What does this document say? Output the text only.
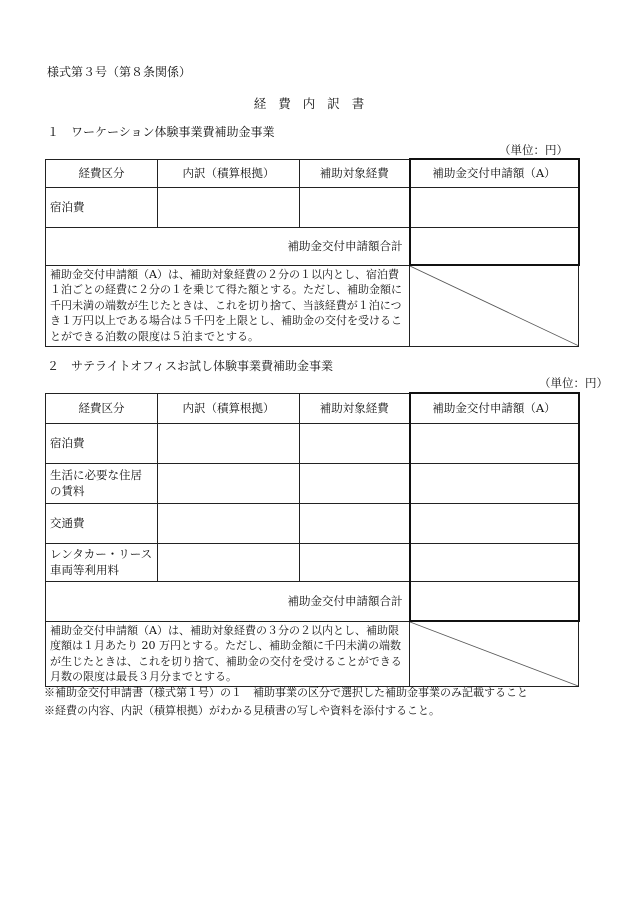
様式第３号（第８条関係）
経費内訳書
１　ワーケーション体験事業費補助金事業
（単位：円）
経費区分	内訳（積算根拠）	補助対象経費	補助金交付申請額（A）
宿泊費			
補助金交付申請額合計			
補助金交付申請額（A）は、補助対象経費の２分の１以内とし、宿泊費１泊ごとの経費に２分の１を乗じて得た額とする。ただし、補助金額に千円未満の端数が生じたときは、これを切り捨て、当該経費が１泊につき１万円以上である場合は５千円を上限とし、補助金の交付を受けることができる泊数の限度は５泊までとする。	
２　サテライトオフィスお試し体験事業費補助金事業
（単位：円）
経費区分	内訳（積算根拠）	補助対象経費	補助金交付申請額（A）
宿泊費			
生活に必要な住居の賃料			
交通費			
レンタカー・リース車両等利用料			
補助金交付申請額合計			
補助金交付申請額（A）は、補助対象経費の３分の２以内とし、補助限度額は１月あたり 20 万円とする。ただし、補助金額に千円未満の端数が生じたときは、これを切り捨て、補助金の交付を受けることができる月数の限度は最長３月分までとする。	
※補助金交付申請書（様式第１号）の１　補助事業の区分で選択した補助金事業のみ記載すること
※経費の内容、内訳（積算根拠）がわかる見積書の写しや資料を添付すること。
